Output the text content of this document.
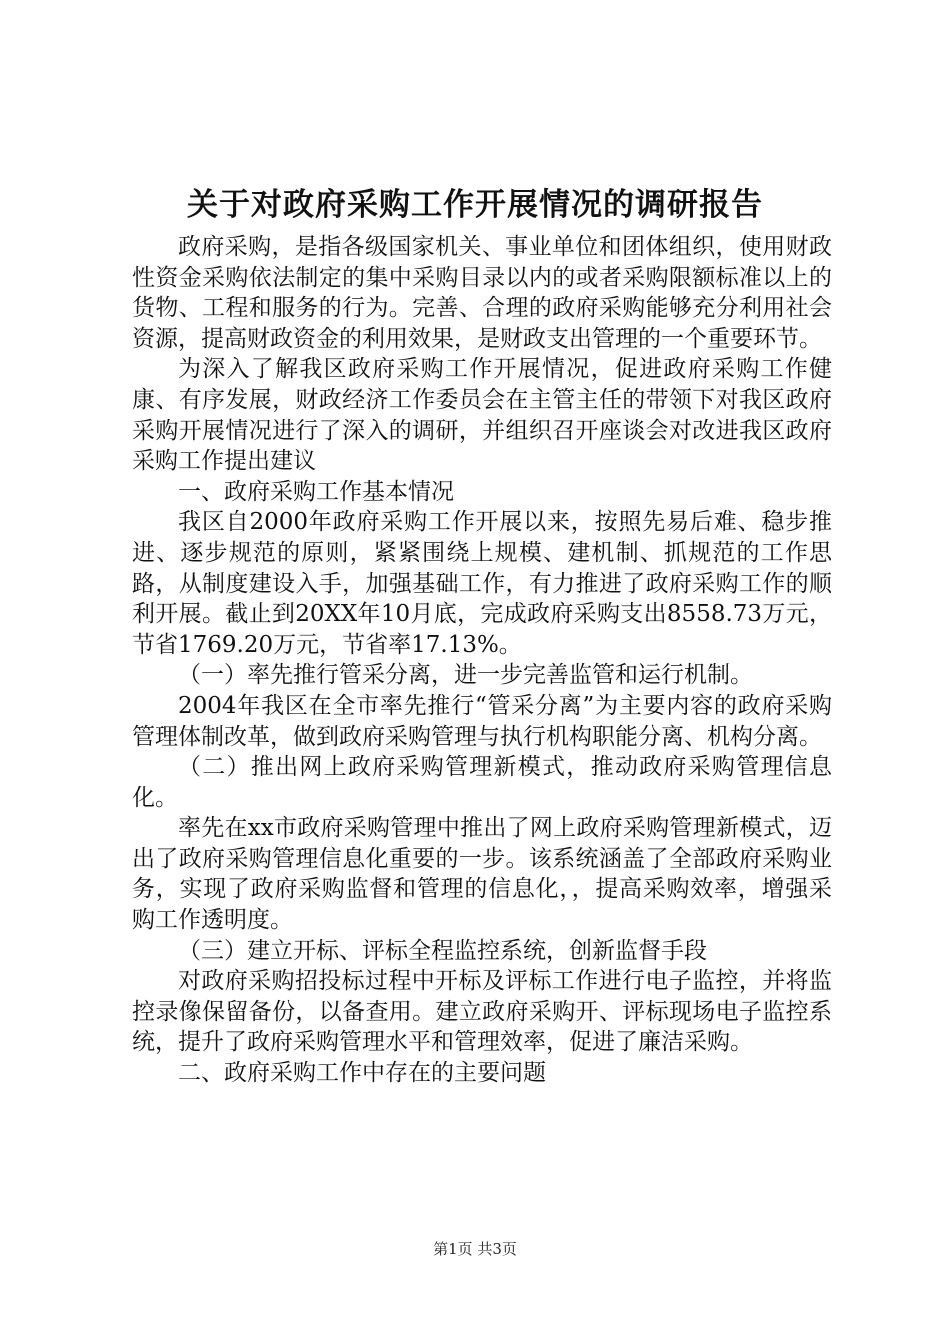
关于对政府采购工作开展情况的调研报告

政府采购，是指各级国家机关、事业单位和团体组织，使用财政性资金采购依法制定的集中采购目录以内的或者采购限额标准以上的货物、工程和服务的行为。完善、合理的政府采购能够充分利用社会资源，提高财政资金的利用效果，是财政支出管理的一个重要环节。

为深入了解我区政府采购工作开展情况，促进政府采购工作健康、有序发展，财政经济工作委员会在主管主任的带领下对我区政府采购开展情况进行了深入的调研，并组织召开座谈会对改进我区政府采购工作提出建议

一、政府采购工作基本情况

我区自2000年政府采购工作开展以来，按照先易后难、稳步推进、逐步规范的原则，紧紧围绕上规模、建机制、抓规范的工作思路，从制度建设入手，加强基础工作，有力推进了政府采购工作的顺利开展。截止到20XX年10月底，完成政府采购支出8558.73万元，节省1769.20万元，节省率17.13%。

（一）率先推行管采分离，进一步完善监管和运行机制。

2004年我区在全市率先推行“管采分离”为主要内容的政府采购管理体制改革，做到政府采购管理与执行机构职能分离、机构分离。

（二）推出网上政府采购管理新模式，推动政府采购管理信息化。

率先在xx市政府采购管理中推出了网上政府采购管理新模式，迈出了政府采购管理信息化重要的一步。该系统涵盖了全部政府采购业务，实现了政府采购监督和管理的信息化，，提高采购效率，增强采购工作透明度。

（三）建立开标、评标全程监控系统，创新监督手段

对政府采购招投标过程中开标及评标工作进行电子监控，并将监控录像保留备份，以备查用。建立政府采购开、评标现场电子监控系统，提升了政府采购管理水平和管理效率，促进了廉洁采购。

二、政府采购工作中存在的主要问题

第1页 共3页
